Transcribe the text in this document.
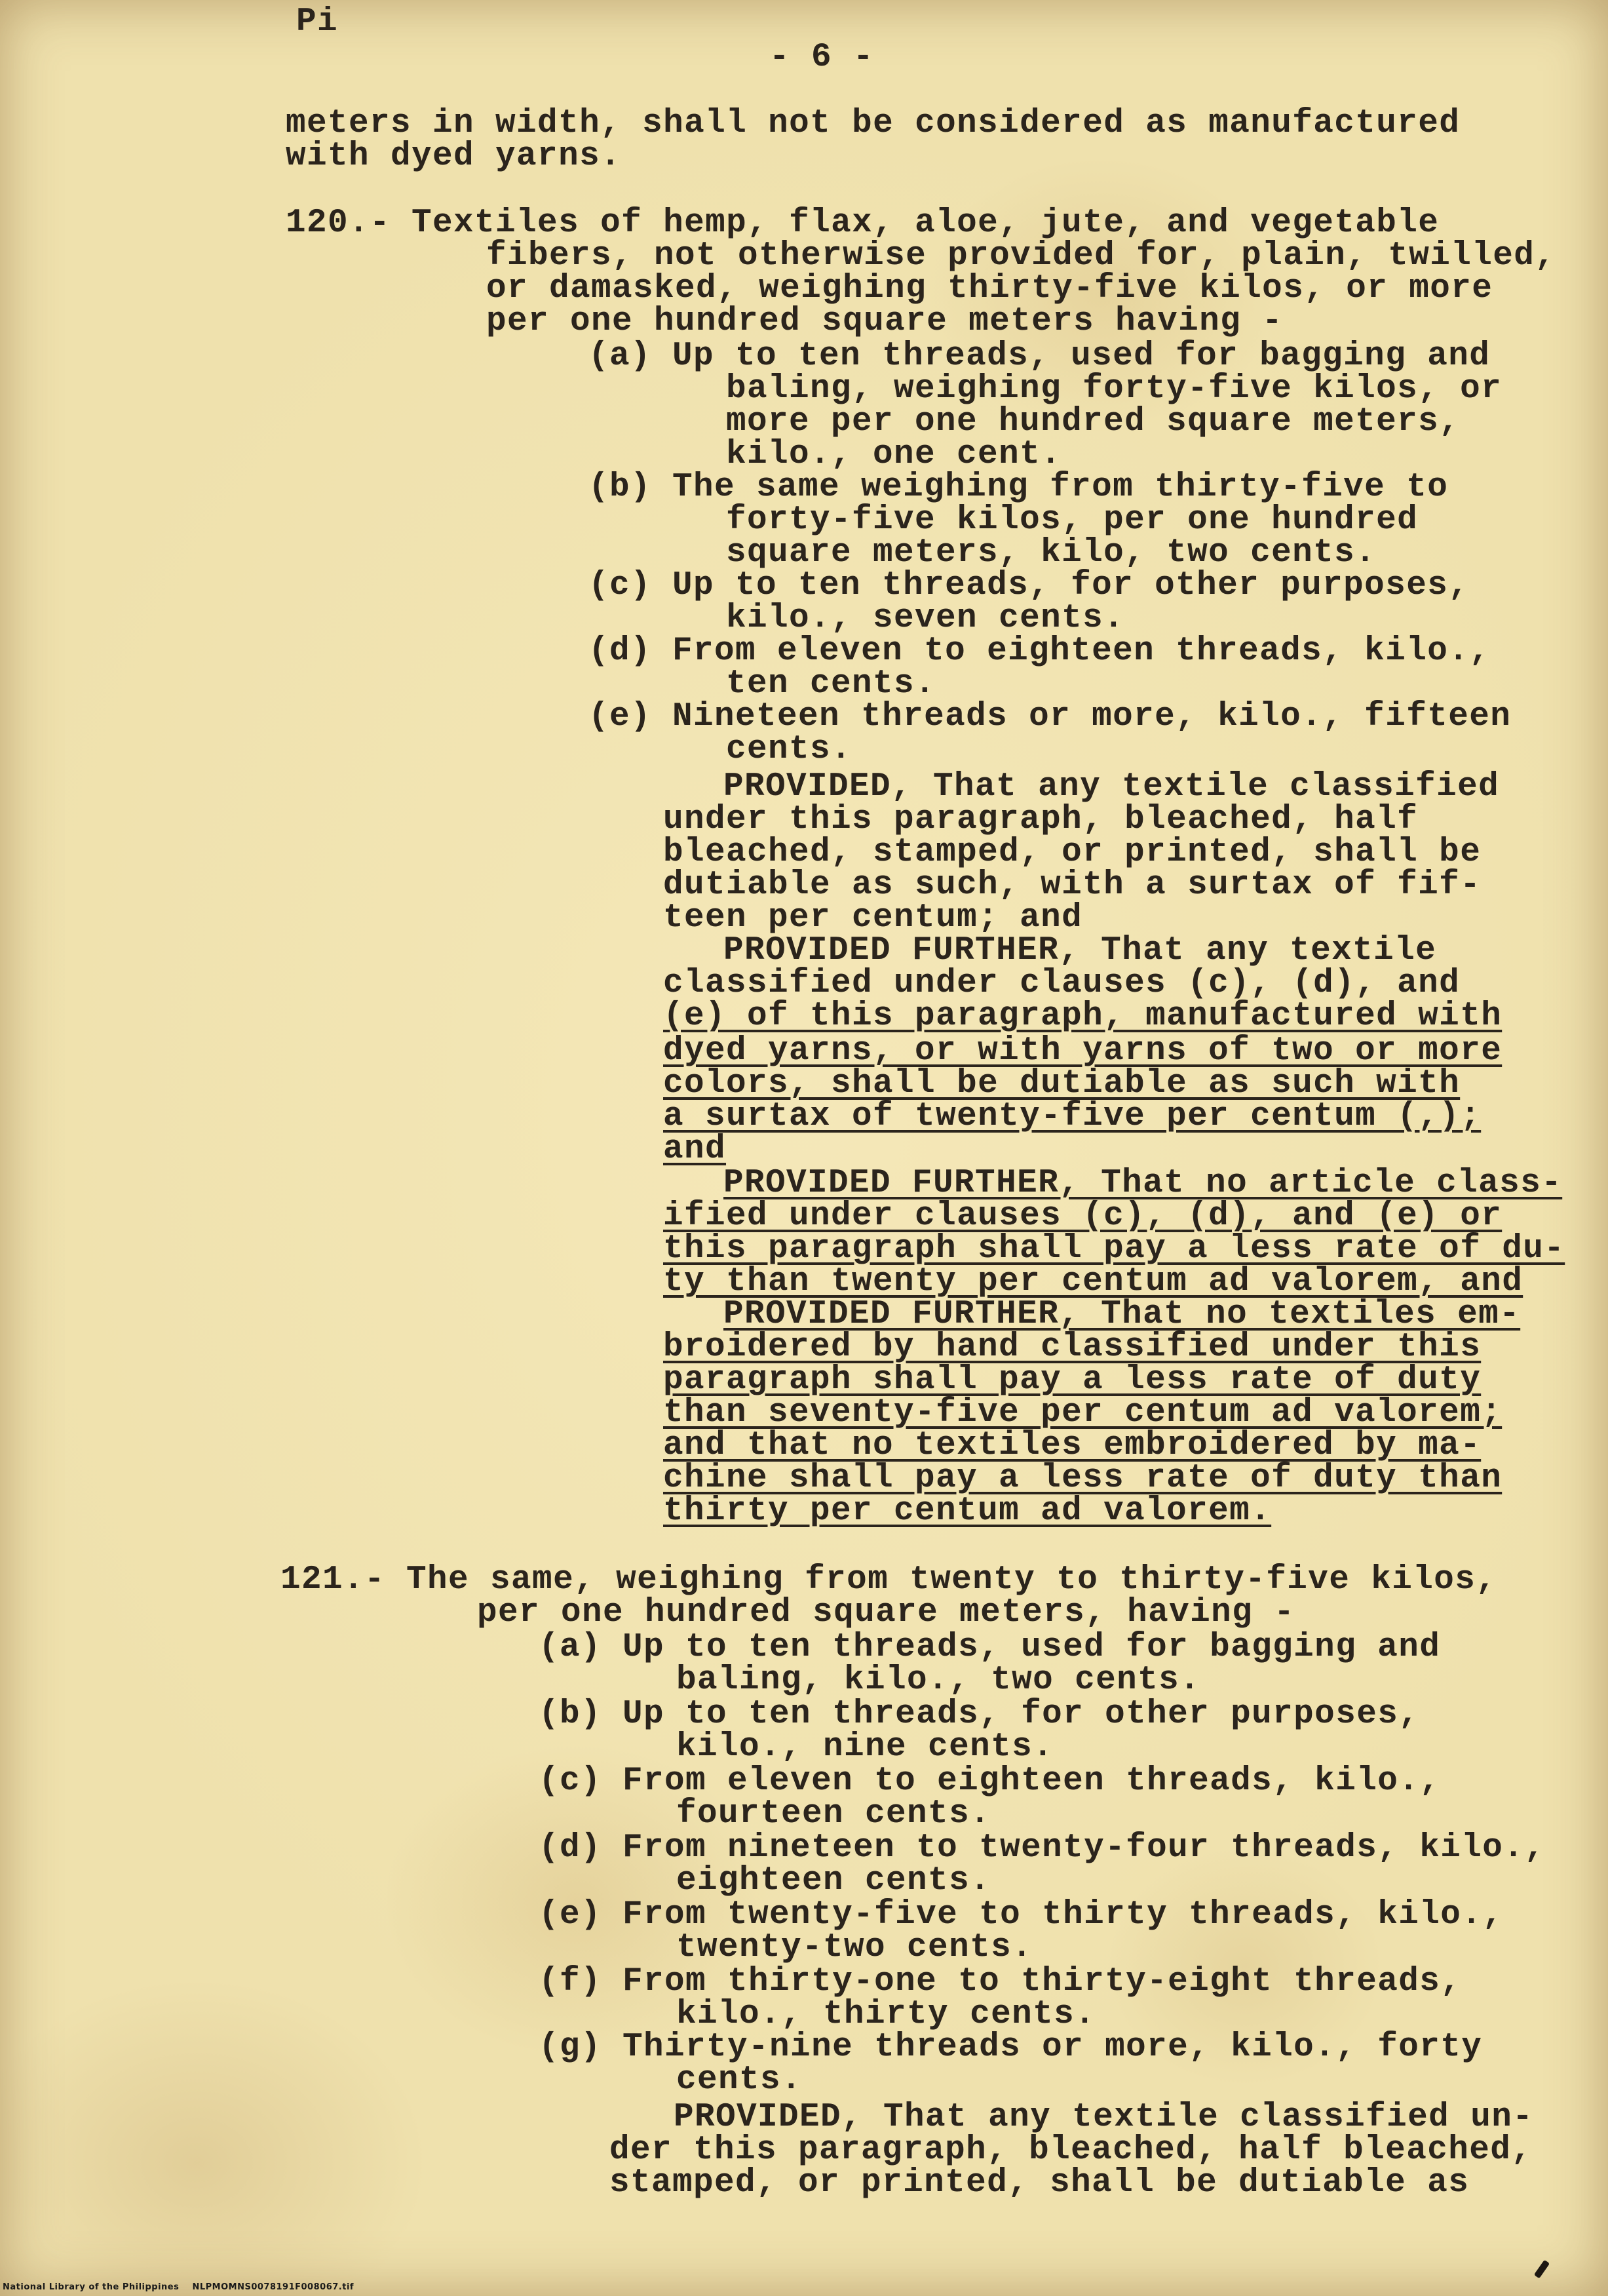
Pi
- 6 -
meters in width, shall not be considered as manufactured
with dyed yarns.
120.- Textiles of hemp, flax, aloe, jute, and vegetable
fibers, not otherwise provided for, plain, twilled,
or damasked, weighing thirty-five kilos, or more
per one hundred square meters having -
(a) Up to ten threads, used for bagging and
baling, weighing forty-five kilos, or
more per one hundred square meters,
kilo., one cent.
(b) The same weighing from thirty-five to
forty-five kilos, per one hundred
square meters, kilo, two cents.
(c) Up to ten threads, for other purposes,
kilo., seven cents.
(d) From eleven to eighteen threads, kilo.,
ten cents.
(e) Nineteen threads or more, kilo., fifteen
cents.
PROVIDED, That any textile classified
under this paragraph, bleached, half
bleached, stamped, or printed, shall be
dutiable as such, with a surtax of fif-
teen per centum; and
PROVIDED FURTHER, That any textile
classified under clauses (c), (d), and
(e) of this paragraph, manufactured with
dyed yarns, or with yarns of two or more
colors, shall be dutiable as such with
a surtax of twenty-five per centum (,);
and
PROVIDED FURTHER, That no article class-
ified under clauses (c), (d), and (e) or
this paragraph shall pay a less rate of du-
ty than twenty per centum ad valorem, and
PROVIDED FURTHER, That no textiles em-
broidered by hand classified under this
paragraph shall pay a less rate of duty
than seventy-five per centum ad valorem;
and that no textiles embroidered by ma-
chine shall pay a less rate of duty than
thirty per centum ad valorem.
121.- The same, weighing from twenty to thirty-five kilos,
per one hundred square meters, having -
(a) Up to ten threads, used for bagging and
baling, kilo., two cents.
(b) Up to ten threads, for other purposes,
kilo., nine cents.
(c) From eleven to eighteen threads, kilo.,
fourteen cents.
(d) From nineteen to twenty-four threads, kilo.,
eighteen cents.
(e) From twenty-five to thirty threads, kilo.,
twenty-two cents.
(f) From thirty-one to thirty-eight threads,
kilo., thirty cents.
(g) Thirty-nine threads or more, kilo., forty
cents.
PROVIDED, That any textile classified un-
der this paragraph, bleached, half bleached,
stamped, or printed, shall be dutiable as
National Library of the Philippines    NLPMOMNS0078191F008067.tif
